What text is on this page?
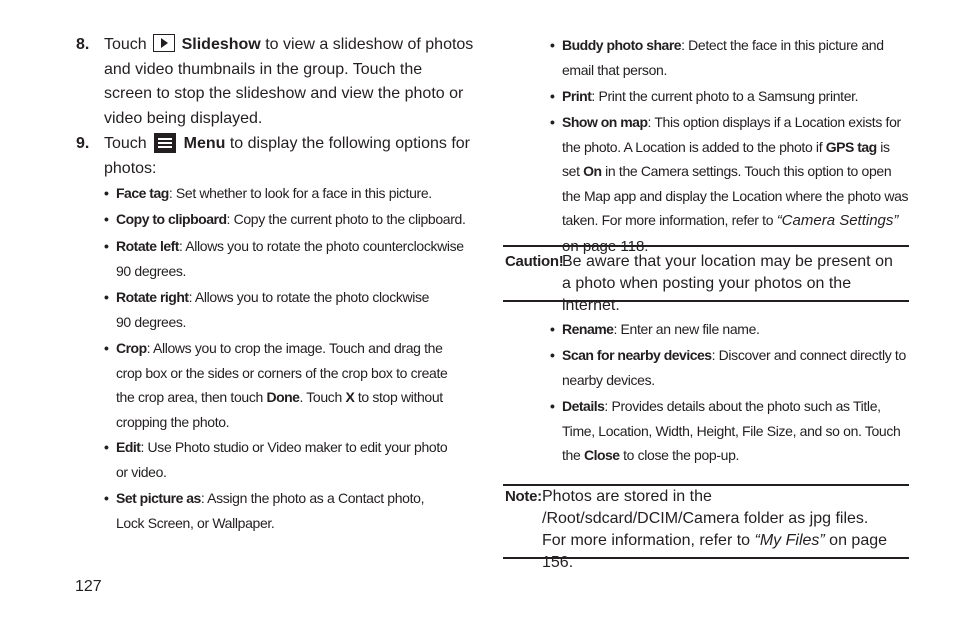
8. Touch Slideshow to view a slideshow of photos and video thumbnails in the group. Touch the screen to stop the slideshow and view the photo or video being displayed.
9. Touch Menu to display the following options for photos:
• Face tag: Set whether to look for a face in this picture.
• Copy to clipboard: Copy the current photo to the clipboard.
• Rotate left: Allows you to rotate the photo counterclockwise 90 degrees.
• Rotate right: Allows you to rotate the photo clockwise 90 degrees.
• Crop: Allows you to crop the image. Touch and drag the crop box or the sides or corners of the crop box to create the crop area, then touch Done. Touch X to stop without cropping the photo.
• Edit: Use Photo studio or Video maker to edit your photo or video.
• Set picture as: Assign the photo as a Contact photo, Lock Screen, or Wallpaper.
127
• Buddy photo share: Detect the face in this picture and email that person.
• Print: Print the current photo to a Samsung printer.
• Show on map: This option displays if a Location exists for the photo. A Location is added to the photo if GPS tag is set On in the Camera settings. Touch this option to open the Map app and display the Location where the photo was taken. For more information, refer to “Camera Settings” on page 118.
Caution!
Be aware that your location may be present on a photo when posting your photos on the internet.
• Rename: Enter an new file name.
• Scan for nearby devices: Discover and connect directly to nearby devices.
• Details: Provides details about the photo such as Title, Time, Location, Width, Height, File Size, and so on. Touch the Close to close the pop-up.
Note: Photos are stored in the /Root/sdcard/DCIM/Camera folder as jpg files. For more information, refer to “My Files” on page 156.
